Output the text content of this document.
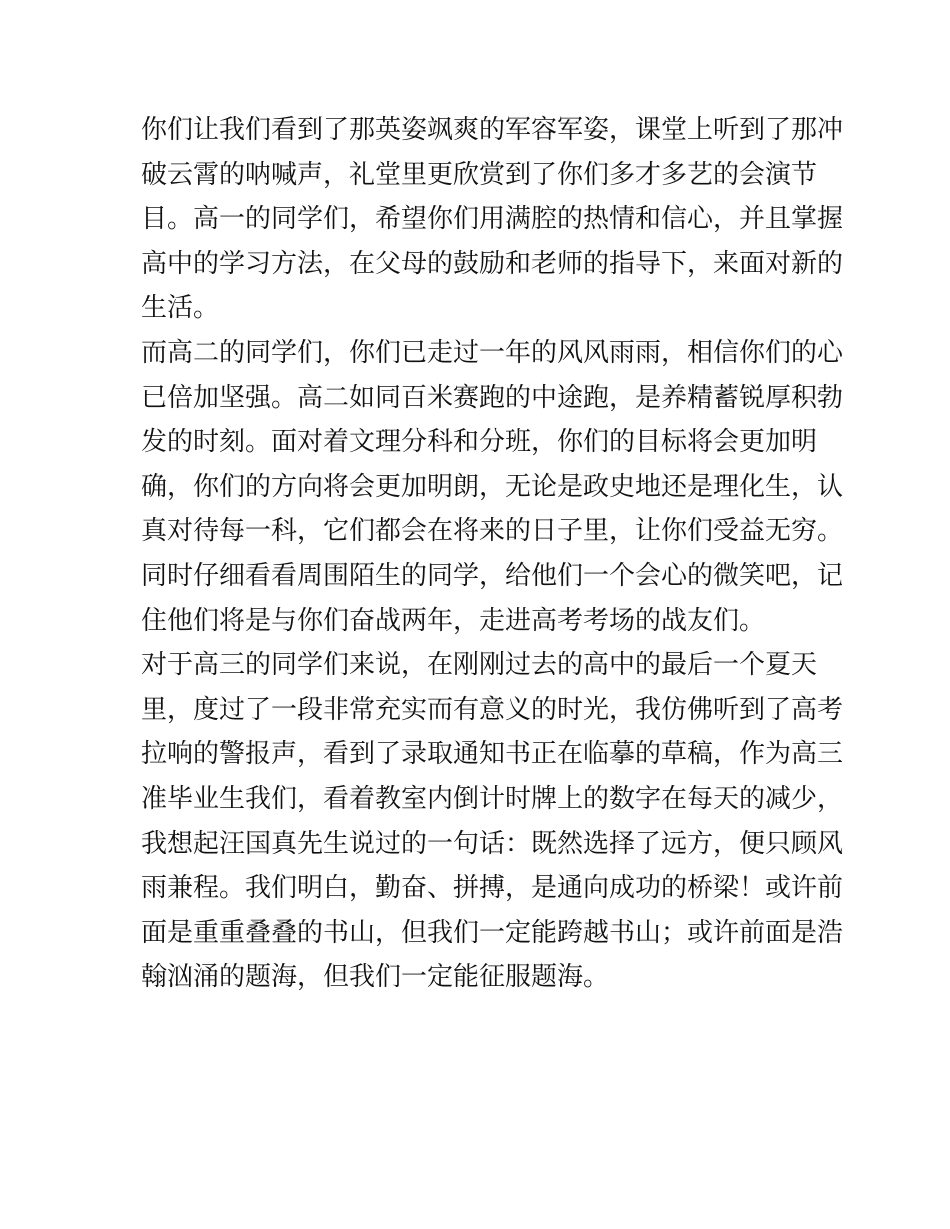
你们让我们看到了那英姿飒爽的军容军姿，课堂上听到了那冲
破云霄的呐喊声，礼堂里更欣赏到了你们多才多艺的会演节
目。高一的同学们，希望你们用满腔的热情和信心，并且掌握
高中的学习方法，在父母的鼓励和老师的指导下，来面对新的
生活。
而高二的同学们，你们已走过一年的风风雨雨，相信你们的心
已倍加坚强。高二如同百米赛跑的中途跑，是养精蓄锐厚积勃
发的时刻。面对着文理分科和分班，你们的目标将会更加明
确，你们的方向将会更加明朗，无论是政史地还是理化生，认
真对待每一科，它们都会在将来的日子里，让你们受益无穷。
同时仔细看看周围陌生的同学，给他们一个会心的微笑吧，记
住他们将是与你们奋战两年，走进高考考场的战友们。
对于高三的同学们来说，在刚刚过去的高中的最后一个夏天
里，度过了一段非常充实而有意义的时光，我仿佛听到了高考
拉响的警报声，看到了录取通知书正在临摹的草稿，作为高三
准毕业生我们，看着教室内倒计时牌上的数字在每天的减少，
我想起汪国真先生说过的一句话：既然选择了远方，便只顾风
雨兼程。我们明白，勤奋、拼搏，是通向成功的桥梁！或许前
面是重重叠叠的书山，但我们一定能跨越书山；或许前面是浩
翰汹涌的题海，但我们一定能征服题海。
